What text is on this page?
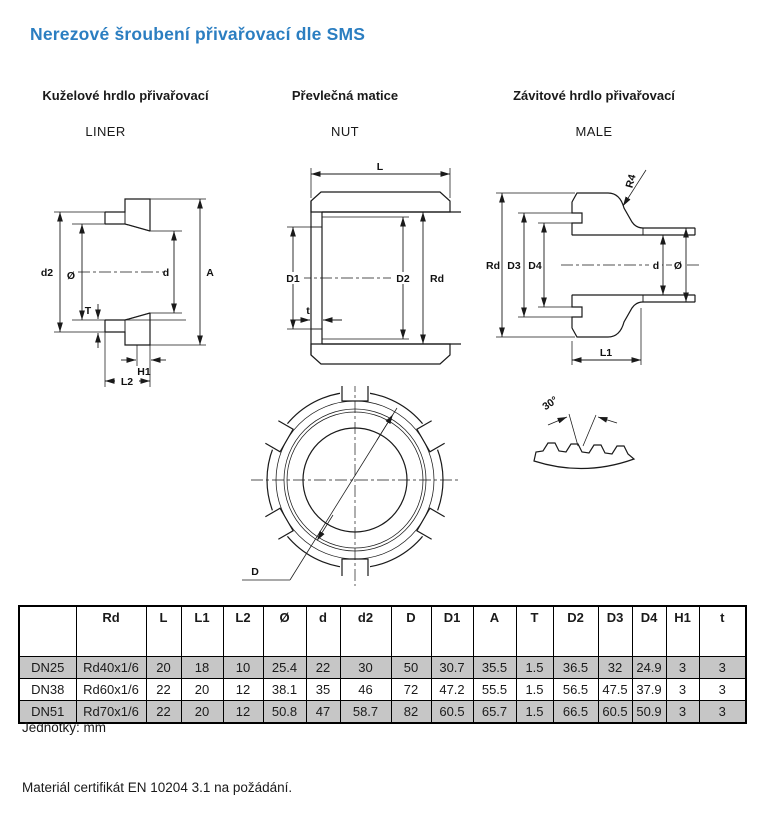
Nerezové šroubení přivařovací dle SMS
Kuželové hrdlo přivařovací	Převlečná matice	Závitové hrdlo přivařovací
LINER	NUT	MALE
d2 Ø
T
d	A
H1
L2
L
D1	D2 Rd
t
D
Rd D3 D4	d Ø
L1
R4
30°
	Rd	L	L1	L2	Ø	d	d2	D	D1	A	T	D2	D3	D4	H1	t
DN25	Rd40x1/6	20	18	10	25.4	22	30	50	30.7	35.5	1.5	36.5	32	24.9	3	3
DN38	Rd60x1/6	22	20	12	38.1	35	46	72	47.2	55.5	1.5	56.5	47.5	37.9	3	3
DN51	Rd70x1/6	22	20	12	50.8	47	58.7	82	60.5	65.7	1.5	66.5	60.5	50.9	3	3
Jednotky: mm
Materiál certifikát EN 10204 3.1 na požádání.
